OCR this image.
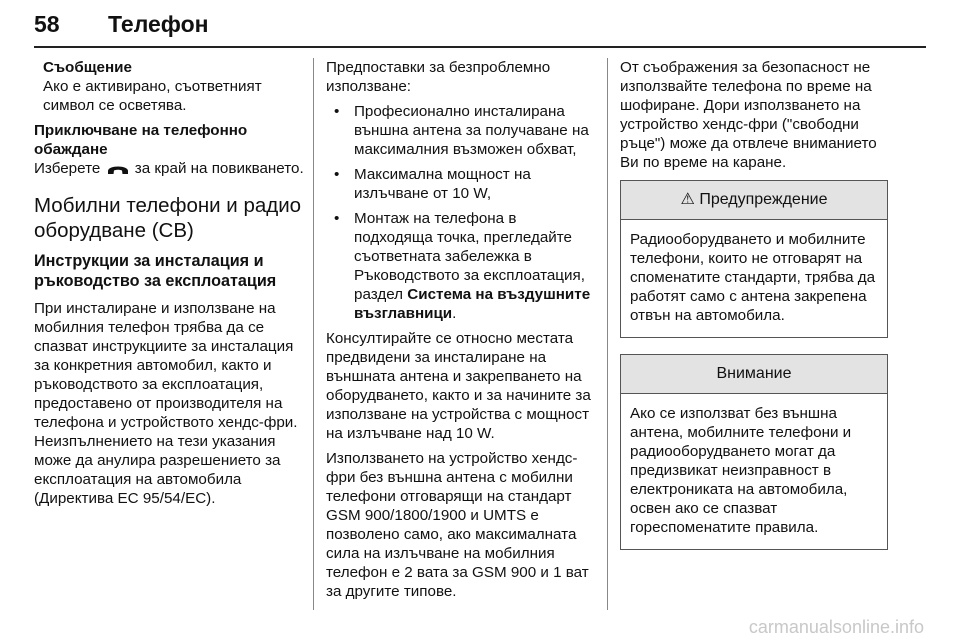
58 Телефон

Съобщение

Ако е активирано, съответният символ се осветява.

Приключване на телефонно обаждане

Изберете за край на повикването.

Мобилни телефони и радио оборудване (CB)

Инструкции за инсталация и ръководство за експлоатация

При инсталиране и използване на мобилния телефон трябва да се спазват инструкциите за инсталация за конкретния автомобил, както и ръководството за експлоатация, предоставено от производителя на телефона и устройството хендс-фри. Неизпълнението на тези указания може да анулира разрешението за експлоатация на автомобила (Директива ЕС 95/54/ЕС).

Предпоставки за безпроблемно използване:

• Професионално инсталирана външна антена за получаване на максималния възможен обхват,
• Максимална мощност на излъчване от 10 W,
• Монтаж на телефона в подходяща точка, прегледайте съответната забележка в Ръководството за експлоатация, раздел Система на въздушните възглавници.

Консултирайте се относно местата предвидени за инсталиране на външната антена и закрепването на оборудването, както и за начините за използване на устройства с мощност на излъчване над 10 W.

Използването на устройство хендс-фри без външна антена с мобилни телефони отговарящи на стандарт GSM 900/1800/1900 и UMTS е позволено само, ако максималната сила на излъчване на мобилния телефон е 2 вата за GSM 900 и 1 ват за другите типове.

От съображения за безопасност не използвайте телефона по време на шофиране. Дори използването на устройство хендс-фри ("свободни ръце") може да отвлече вниманието Ви по време на каране.

⚠ Предупреждение
Радиооборудването и мобилните телефони, които не отговарят на споменатите стандарти, трябва да работят само с антена закрепена отвън на автомобила.
Внимание
Ако се използват без външна антена, мобилните телефони и радиооборудването могат да предизвикат неизправност в електрониката на автомобила, освен ако се спазват гореспоменатите правила.
carmanualsonline.info
